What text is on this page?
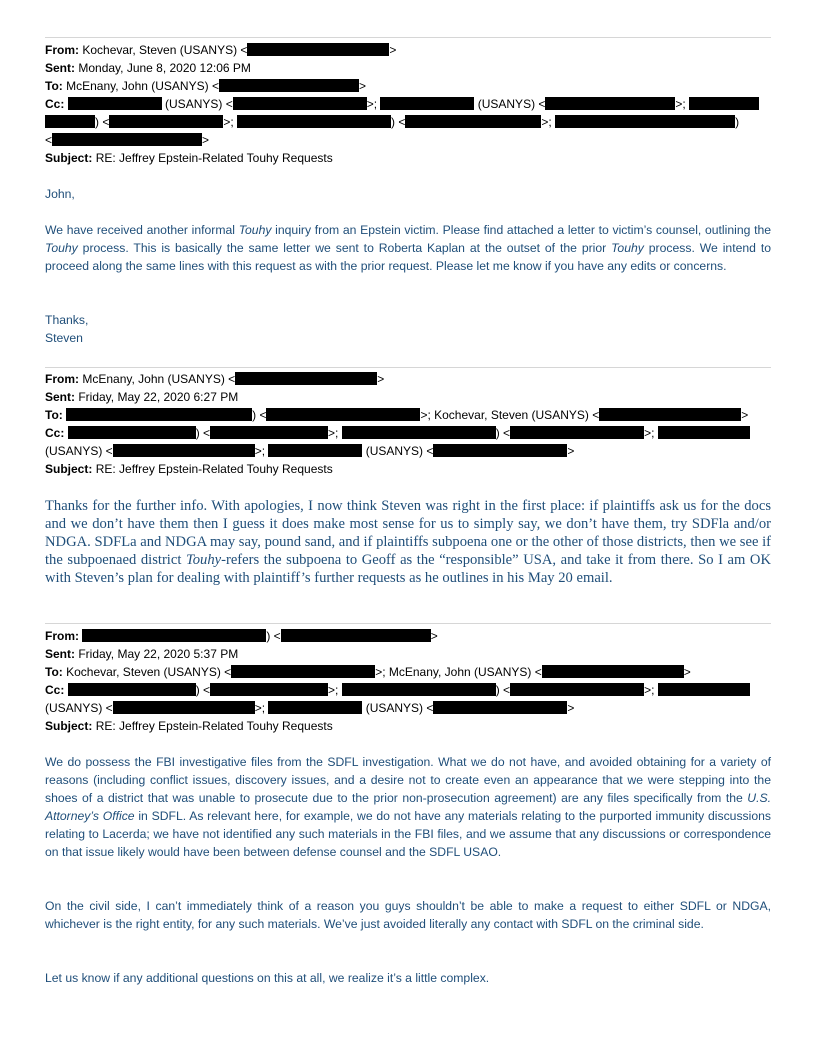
From: Kochevar, Steven (USANYS) <	>
Sent: Monday, June 8, 2020 12:06 PM
To: McEnany, John (USANYS) <	>
Cc:	(USANYS) <	>;	(USANYS) <	>;
) <	>;	) <	>;	)
<	>
Subject: RE: Jeffrey Epstein-Related Touhy Requests
John,
We have received another informal Touhy inquiry from an Epstein victim. Please find attached a letter to victim’s counsel, outlining the Touhy process. This is basically the same letter we sent to Roberta Kaplan at the outset of the prior Touhy process. We intend to proceed along the same lines with this request as with the prior request. Please let me know if you have any edits or concerns.
Thanks,
Steven
From: McEnany, John (USANYS) <	>
Sent: Friday, May 22, 2020 6:27 PM
To:	) <	>; Kochevar, Steven (USANYS) <	>
Cc:	) <	>;	) <	>;
(USANYS) <	>;	(USANYS) <	>
Subject: RE: Jeffrey Epstein-Related Touhy Requests
Thanks for the further info. With apologies, I now think Steven was right in the first place: if plaintiffs ask us for the docs and we don’t have them then I guess it does make most sense for us to simply say, we don’t have them, try SDFla and/or NDGA. SDFLa and NDGA may say, pound sand, and if plaintiffs subpoena one or the other of those districts, then we see if the subpoenaed district Touhy-refers the subpoena to Geoff as the “responsible” USA, and take it from there. So I am OK with Steven’s plan for dealing with plaintiff’s further requests as he outlines in his May 20 email.
From:	) <	>
Sent: Friday, May 22, 2020 5:37 PM
To: Kochevar, Steven (USANYS) <	>; McEnany, John (USANYS) <	>
Cc:	) <	>;	) <	>;
(USANYS) <	>;	(USANYS) <	>
Subject: RE: Jeffrey Epstein-Related Touhy Requests
We do possess the FBI investigative files from the SDFL investigation. What we do not have, and avoided obtaining for a variety of reasons (including conflict issues, discovery issues, and a desire not to create even an appearance that we were stepping into the shoes of a district that was unable to prosecute due to the prior non-prosecution agreement) are any files specifically from the U.S. Attorney’s Office in SDFL. As relevant here, for example, we do not have any materials relating to the purported immunity discussions relating to Lacerda; we have not identified any such materials in the FBI files, and we assume that any discussions or correspondence on that issue likely would have been between defense counsel and the SDFL USAO.
On the civil side, I can’t immediately think of a reason you guys shouldn’t be able to make a request to either SDFL or NDGA, whichever is the right entity, for any such materials. We’ve just avoided literally any contact with SDFL on the criminal side.
Let us know if any additional questions on this at all, we realize it’s a little complex.
